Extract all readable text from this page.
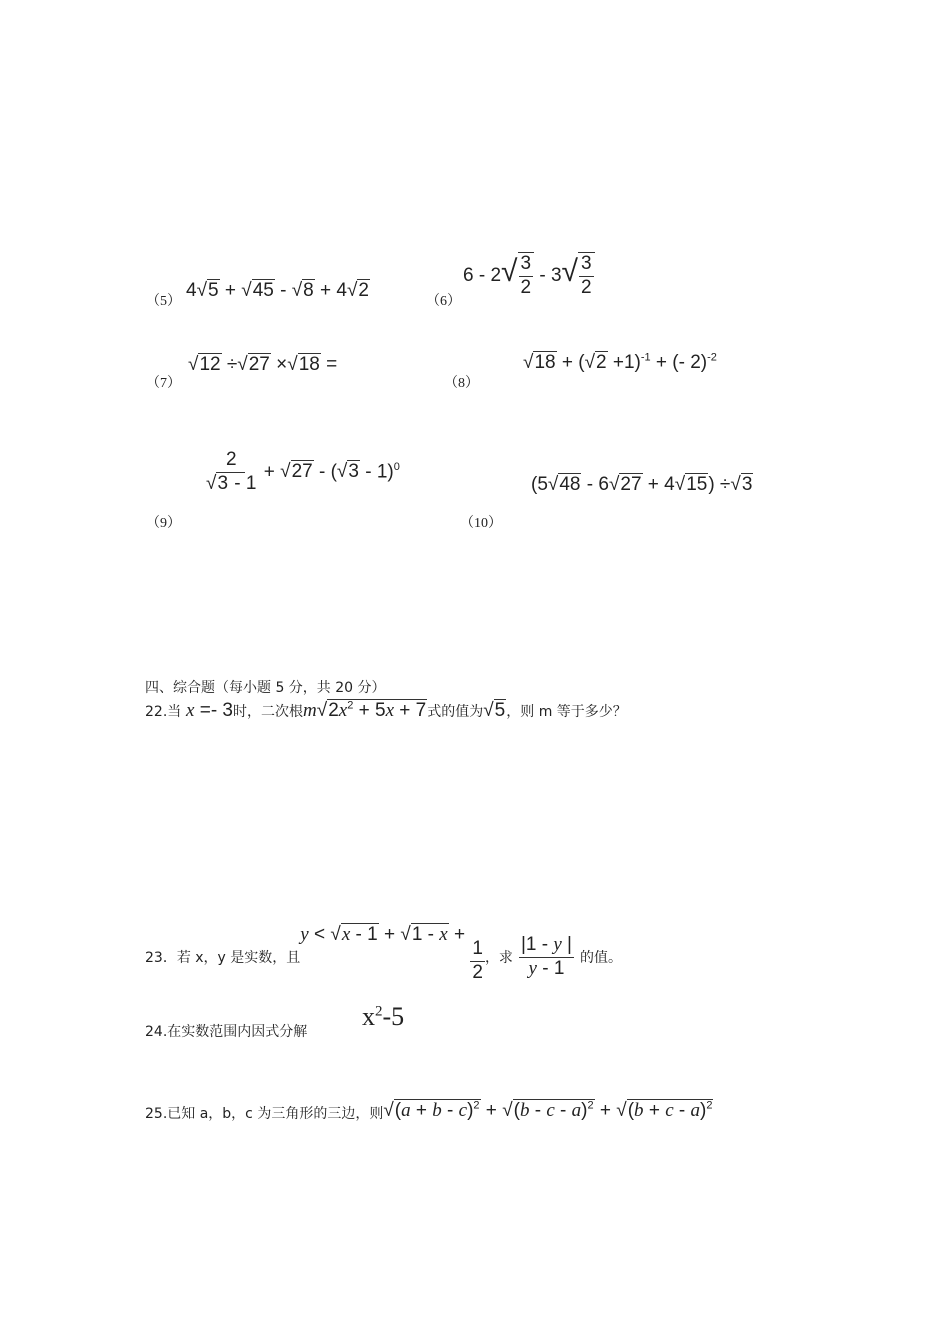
（5）
4√5 + √45 - √8 + 4√2
（6）
$6 - 2√ \frac{3}{2} - 3√ \frac{3}{2}$
（7）
√12 ÷√27 ×√18 =
（8）
$√18 + (√2 +1)^{-1}$ + (- 2)$^{-2}$
（9）
$\frac{2}{√3 - 1} + √27 - (√3 - 1)^0$
（10）
(5√48 - 6√27 + 4√15) ÷√3
四、综合题（每小题 5 分，共 20 分）
22.当 x =- 3时，二次根$m√2x^2 + 5x + 7$式的值为√5，则 m 等于多少？
23．若 x，y 是实数，且y < √x - 1 + √1 - x +
$\frac{1}{2}$ ，求 $\frac{|1 - y |}{y - 1}$ 的值。
24.在实数范围内因式分解
$x^2-5$
25.已知 a，b，c 为三角形的三边，则$√(a + b - c)^2 + √(b - c - a)^2 + √(b + c - a)^2$
